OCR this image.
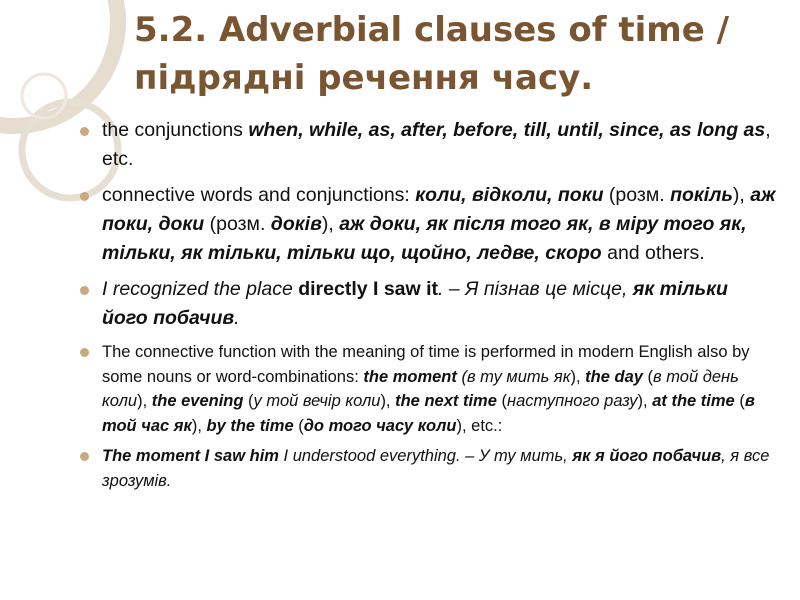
5.2. Adverbial clauses of time / підрядні речення часу.
the conjunctions when, while, as, after, before, till, until, since, as long as, etc.
connective words and conjunctions: коли, відколи, поки (розм. покіль), аж поки, доки (розм. доків), аж доки, як після того як, в міру того як, тільки, як тільки, тільки що, щойно, ледве, скоро and others.
I recognized the place directly I saw it. – Я пізнав це місце, як тільки його побачив.
The connective function with the meaning of time is performed in modern English also by some nouns or word-combinations: the moment (в ту мить як), the day (в той день коли), the evening (у той вечір коли), the next time (наступного разу), at the time (в той час як), by the time (до того часу коли), etc.:
The moment I saw him I understood everything. – У ту мить, як я його побачив, я все зрозумів.
